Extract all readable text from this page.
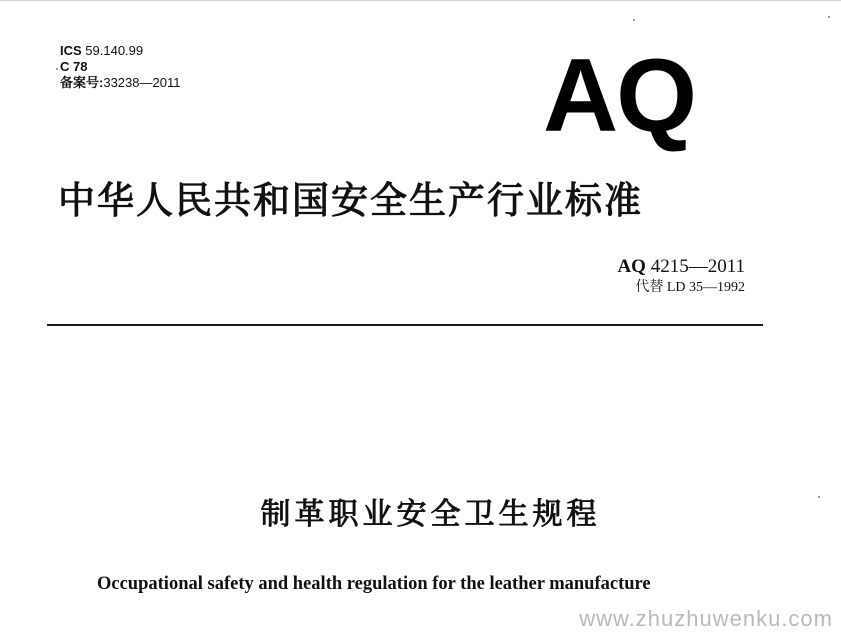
ICS 59.140.99
C 78
备案号:33238—2011	AQ
中华人民共和国安全生产行业标准
AQ 4215—2011
代替 LD 35—1992
制革职业安全卫生规程
Occupational safety and health regulation for the leather manufacture
www.zhuzhuwenku.com
